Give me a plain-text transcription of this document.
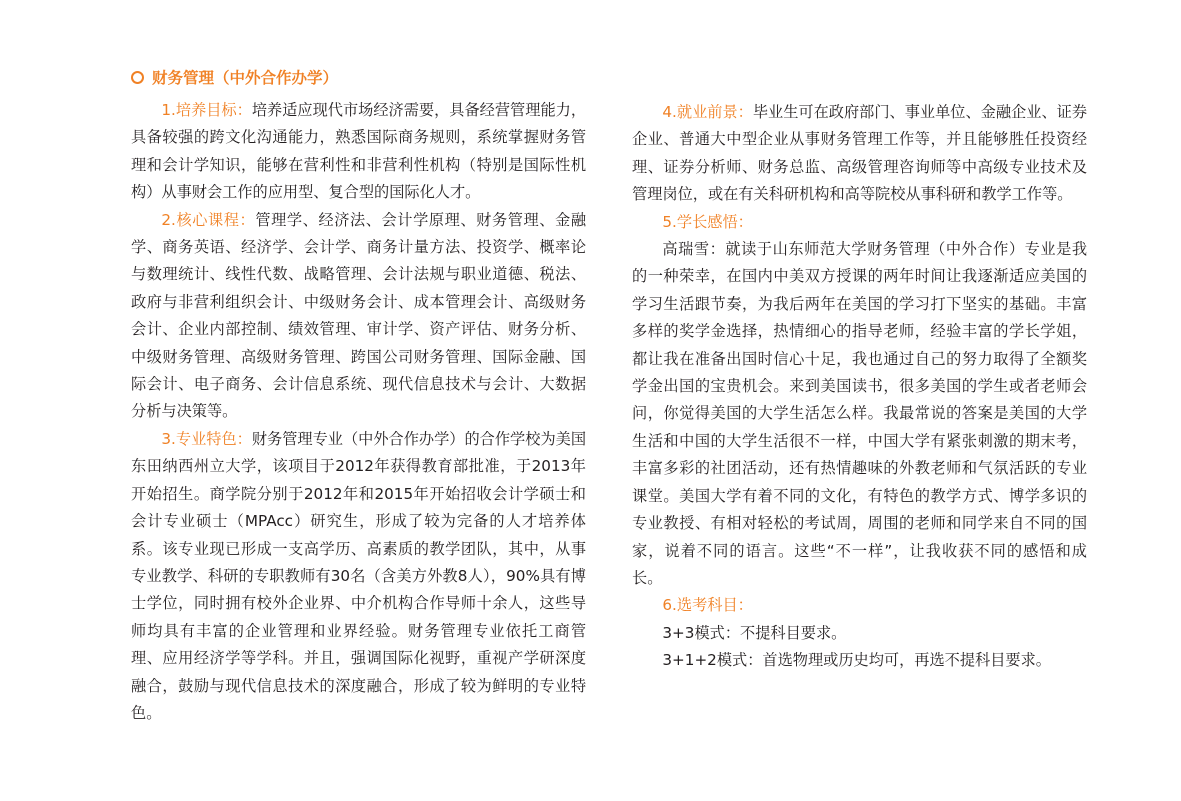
财务管理（中外合作办学）

1.培养目标：培养适应现代市场经济需要，具备经营管理能力，具备较强的跨文化沟通能力，熟悉国际商务规则，系统掌握财务管理和会计学知识，能够在营利性和非营利性机构（特别是国际性机构）从事财会工作的应用型、复合型的国际化人才。

2.核心课程：管理学、经济法、会计学原理、财务管理、金融学、商务英语、经济学、会计学、商务计量方法、投资学、概率论与数理统计、线性代数、战略管理、会计法规与职业道德、税法、政府与非营利组织会计、中级财务会计、成本管理会计、高级财务会计、企业内部控制、绩效管理、审计学、资产评估、财务分析、中级财务管理、高级财务管理、跨国公司财务管理、国际金融、国际会计、电子商务、会计信息系统、现代信息技术与会计、大数据分析与决策等。

3.专业特色：财务管理专业（中外合作办学）的合作学校为美国东田纳西州立大学，该项目于2012年获得教育部批准，于2013年开始招生。商学院分别于2012年和2015年开始招收会计学硕士和会计专业硕士（MPAcc）研究生，形成了较为完备的人才培养体系。该专业现已形成一支高学历、高素质的教学团队，其中，从事专业教学、科研的专职教师有30名（含美方外教8人），90%具有博士学位，同时拥有校外企业界、中介机构合作导师十余人，这些导师均具有丰富的企业管理和业界经验。财务管理专业依托工商管理、应用经济学等学科。并且，强调国际化视野，重视产学研深度融合，鼓励与现代信息技术的深度融合，形成了较为鲜明的专业特色。

4.就业前景：毕业生可在政府部门、事业单位、金融企业、证券企业、普通大中型企业从事财务管理工作等，并且能够胜任投资经理、证券分析师、财务总监、高级管理咨询师等中高级专业技术及管理岗位，或在有关科研机构和高等院校从事科研和教学工作等。

5.学长感悟：

高瑞雪：就读于山东师范大学财务管理（中外合作）专业是我的一种荣幸，在国内中美双方授课的两年时间让我逐渐适应美国的学习生活跟节奏，为我后两年在美国的学习打下坚实的基础。丰富多样的奖学金选择，热情细心的指导老师，经验丰富的学长学姐，都让我在准备出国时信心十足，我也通过自己的努力取得了全额奖学金出国的宝贵机会。来到美国读书，很多美国的学生或者老师会问，你觉得美国的大学生活怎么样。我最常说的答案是美国的大学生活和中国的大学生活很不一样，中国大学有紧张刺激的期末考，丰富多彩的社团活动，还有热情趣味的外教老师和气氛活跃的专业课堂。美国大学有着不同的文化，有特色的教学方式、博学多识的专业教授、有相对轻松的考试周，周围的老师和同学来自不同的国家，说着不同的语言。这些“不一样”，让我收获不同的感悟和成长。

6.选考科目：

3+3模式：不提科目要求。

3+1+2模式：首选物理或历史均可，再选不提科目要求。
